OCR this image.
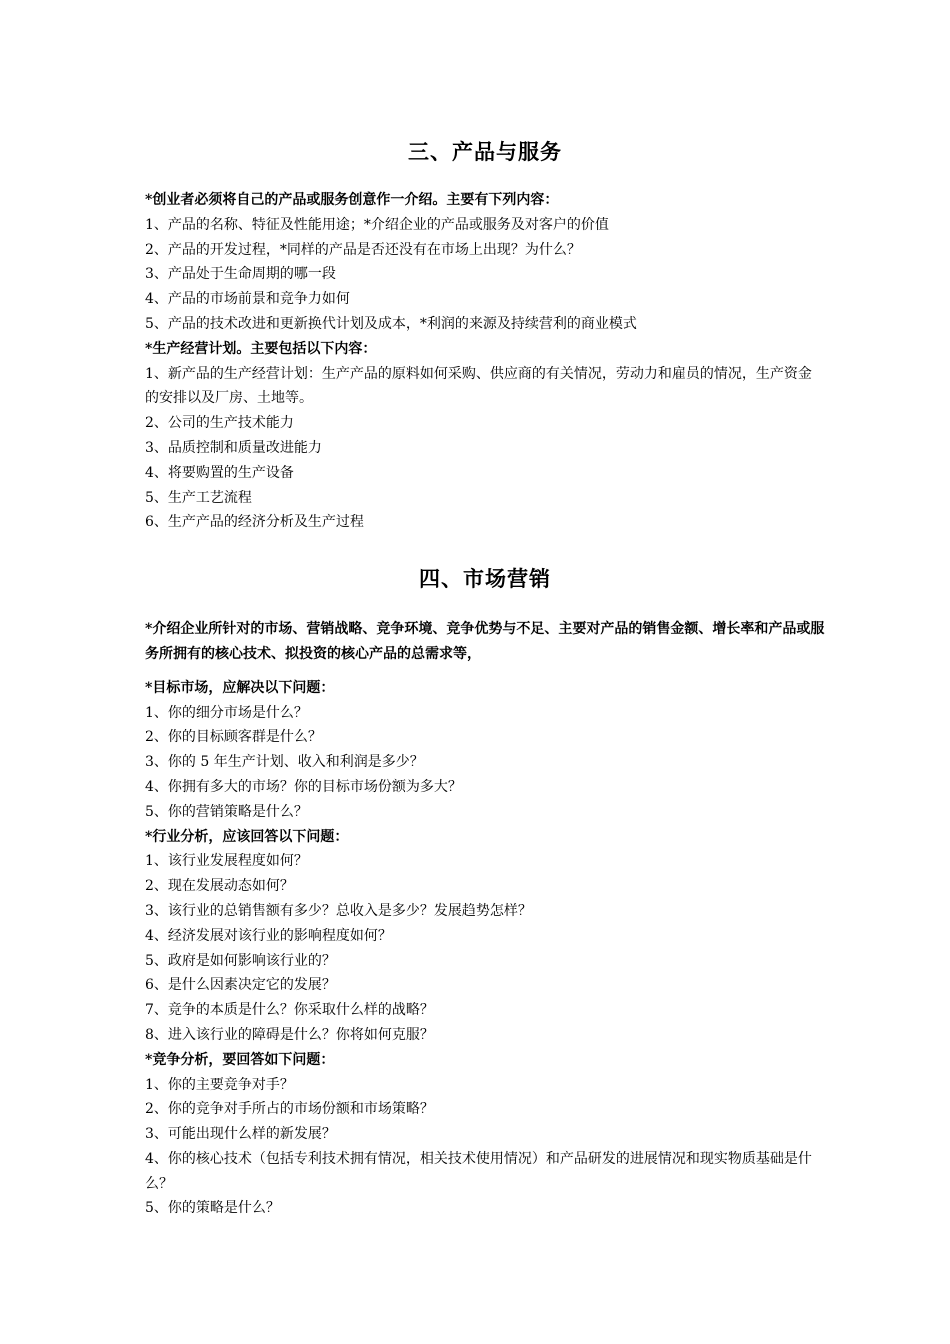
三、产品与服务

*创业者必须将自己的产品或服务创意作一介绍。主要有下列内容：

1、产品的名称、特征及性能用途；*介绍企业的产品或服务及对客户的价值

2、产品的开发过程，*同样的产品是否还没有在市场上出现？为什么？

3、产品处于生命周期的哪一段

4、产品的市场前景和竞争力如何

5、产品的技术改进和更新换代计划及成本，*利润的来源及持续营利的商业模式

*生产经营计划。主要包括以下内容：

1、新产品的生产经营计划：生产产品的原料如何采购、供应商的有关情况，劳动力和雇员的情况，生产资金的安排以及厂房、土地等。

2、公司的生产技术能力

3、品质控制和质量改进能力

4、将要购置的生产设备

5、生产工艺流程

6、生产产品的经济分析及生产过程

四、市场营销

*介绍企业所针对的市场、营销战略、竞争环境、竞争优势与不足、主要对产品的销售金额、增长率和产品或服务所拥有的核心技术、拟投资的核心产品的总需求等，

*目标市场，应解决以下问题：

1、你的细分市场是什么？

2、你的目标顾客群是什么？

3、你的 5 年生产计划、收入和利润是多少？

4、你拥有多大的市场？你的目标市场份额为多大？

5、你的营销策略是什么？

*行业分析，应该回答以下问题：

1、该行业发展程度如何？

2、现在发展动态如何？

3、该行业的总销售额有多少？总收入是多少？发展趋势怎样？

4、经济发展对该行业的影响程度如何？

5、政府是如何影响该行业的？

6、是什么因素决定它的发展？

7、竞争的本质是什么？你采取什么样的战略？

8、进入该行业的障碍是什么？你将如何克服？

*竞争分析，要回答如下问题：

1、你的主要竞争对手？

2、你的竞争对手所占的市场份额和市场策略？

3、可能出现什么样的新发展？

4、你的核心技术（包括专利技术拥有情况，相关技术使用情况）和产品研发的进展情况和现实物质基础是什么？

5、你的策略是什么？
